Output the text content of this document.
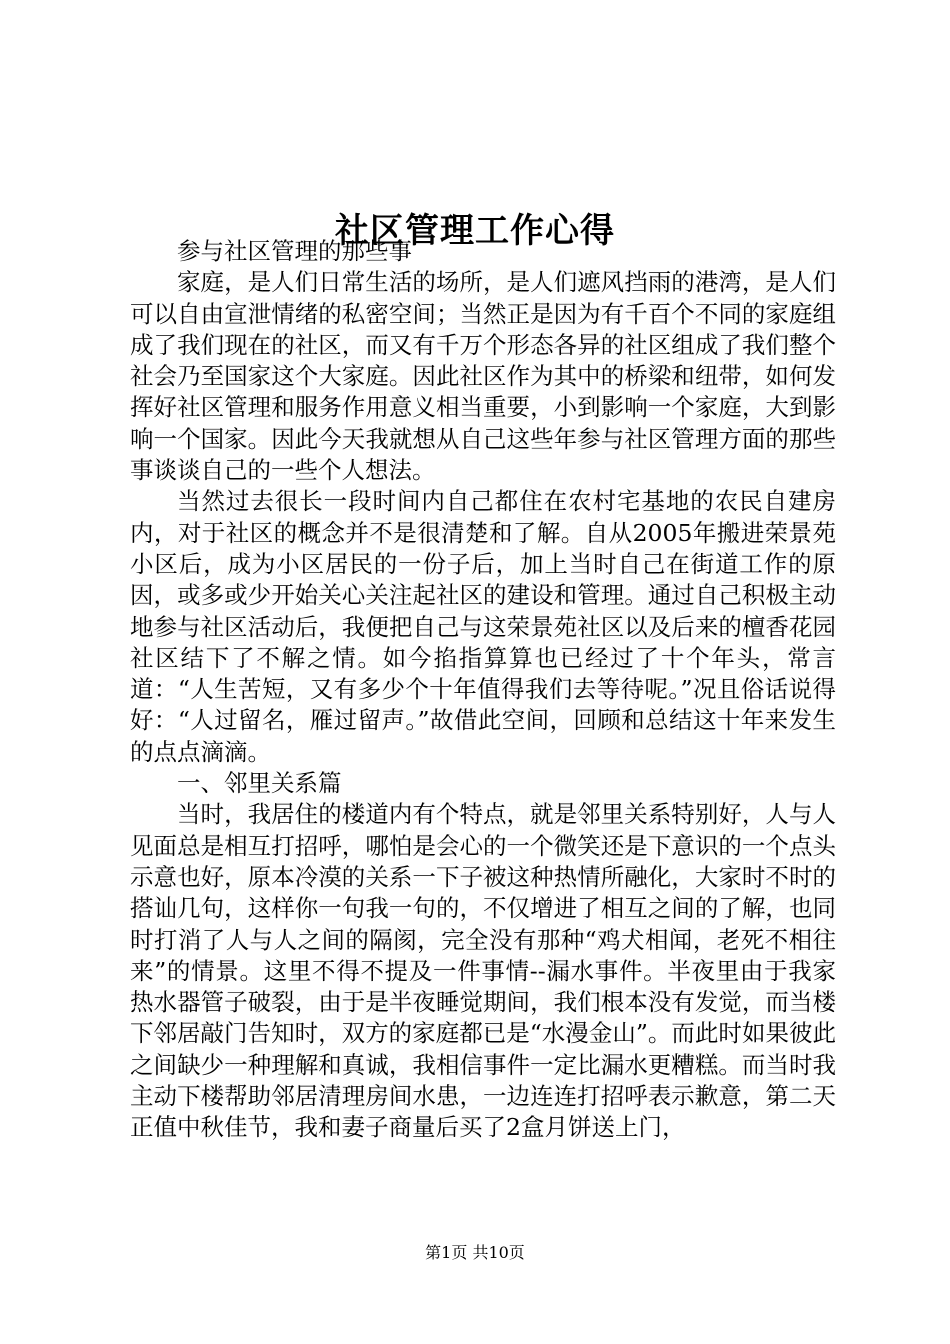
社区管理工作心得

参与社区管理的那些事

家庭，是人们日常生活的场所，是人们遮风挡雨的港湾，是人们可以自由宣泄情绪的私密空间；当然正是因为有千百个不同的家庭组成了我们现在的社区，而又有千万个形态各异的社区组成了我们整个社会乃至国家这个大家庭。因此社区作为其中的桥梁和纽带，如何发挥好社区管理和服务作用意义相当重要，小到影响一个家庭，大到影响一个国家。因此今天我就想从自己这些年参与社区管理方面的那些事谈谈自己的一些个人想法。

当然过去很长一段时间内自己都住在农村宅基地的农民自建房内，对于社区的概念并不是很清楚和了解。自从2005年搬进荣景苑小区后，成为小区居民的一份子后，加上当时自己在街道工作的原因，或多或少开始关心关注起社区的建设和管理。通过自己积极主动地参与社区活动后，我便把自己与这荣景苑社区以及后来的檀香花园社区结下了不解之情。如今掐指算算也已经过了十个年头，常言道：“人生苦短，又有多少个十年值得我们去等待呢。”况且俗话说得好：“人过留名，雁过留声。”故借此空间，回顾和总结这十年来发生的点点滴滴。

一、邻里关系篇

当时，我居住的楼道内有个特点，就是邻里关系特别好，人与人见面总是相互打招呼，哪怕是会心的一个微笑还是下意识的一个点头示意也好，原本冷漠的关系一下子被这种热情所融化，大家时不时的搭讪几句，这样你一句我一句的，不仅增进了相互之间的了解，也同时打消了人与人之间的隔阂，完全没有那种“鸡犬相闻，老死不相往来”的情景。这里不得不提及一件事情--漏水事件。半夜里由于我家热水器管子破裂，由于是半夜睡觉期间，我们根本没有发觉，而当楼下邻居敲门告知时，双方的家庭都已是“水漫金山”。而此时如果彼此之间缺少一种理解和真诚，我相信事件一定比漏水更糟糕。而当时我主动下楼帮助邻居清理房间水患，一边连连打招呼表示歉意，第二天正值中秋佳节，我和妻子商量后买了2盒月饼送上门，

第1页 共10页
